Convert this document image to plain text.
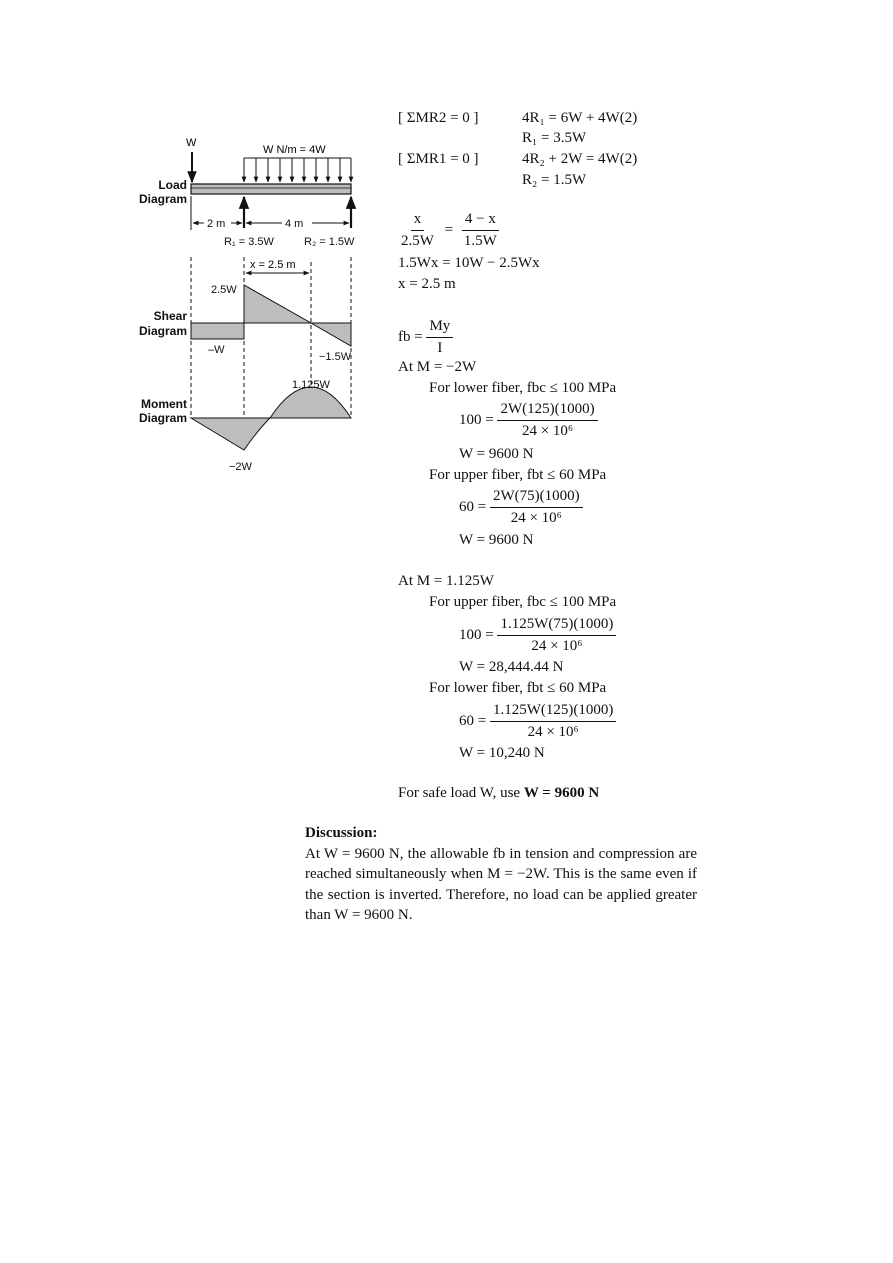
Load
Diagram
Shear
Diagram
Moment
Diagram
W
W N/m = 4W
2 m	4 m
R₁ = 3.5W	R₂ = 1.5W
x = 2.5 m
2.5W
–W
−1.5W
1.125W
−2W
[ ΣMR2 = 0 ]	4R₁ = 6W + 4W(2)
R₁ = 3.5W
[ ΣMR1 = 0 ]	4R₂ + 2W = 4W(2)
R₂ = 1.5W
$\frac{x}{2.5W} = \frac{4 - x}{1.5W}$
1.5Wx = 10W − 2.5Wx
x = 2.5 m
fb = $\frac{My}{I}$
At M = −2W
For lower fiber, fbc ≤ 100 MPa
$100 = \frac{2W(125)(1000)}{\text{24 × 10⁶}}$
W = 9600 N
For upper fiber, fbt ≤ 60 MPa
$60 = \frac{2W(75)(1000)}{\text{24 × 10⁶}}$
W = 9600 N
At M = 1.125W
For upper fiber, fbc ≤ 100 MPa
$100 = \frac{1.125W(75)(1000)}{\text{24 × 10⁶}}$
W = 28,444.44 N
For lower fiber, fbt ≤ 60 MPa
$60 = \frac{1.125W(125)(1000)}{\text{24 × 10⁶}}$
W = 10,240 N
For safe load W, use W = 9600 N
Discussion:
At W = 9600 N, the allowable fb in tension and compression are reached simultaneously when M = −2W. This is the same even if the section is inverted. Therefore, no load can be applied greater than W = 9600 N.
